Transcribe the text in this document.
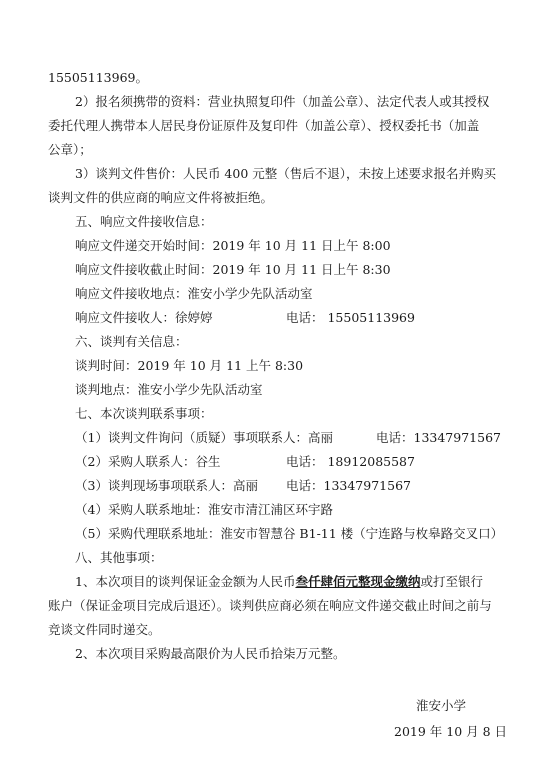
15505113969。
2）报名须携带的资料：营业执照复印件（加盖公章）、法定代表人或其授权
委托代理人携带本人居民身份证原件及复印件（加盖公章）、授权委托书（加盖
公章）；
3）谈判文件售价：人民币 400 元整（售后不退），未按上述要求报名并购买
谈判文件的供应商的响应文件将被拒绝。
五、响应文件接收信息：
响应文件递交开始时间：2019 年 10 月 11 日上午 8:00
响应文件接收截止时间：2019 年 10 月 11 日上午 8:30
响应文件接收地点：淮安小学少先队活动室
响应文件接收人：徐婷婷	电话： 15505113969
六、谈判有关信息：
谈判时间：2019 年 10 月 11 上午 8:30
谈判地点：淮安小学少先队活动室
七、本次谈判联系事项：
（1）谈判文件询问（质疑）事项联系人：高丽	电话：13347971567
（2）采购人联系人：谷生	电话： 18912085587
（3）谈判现场事项联系人：高丽 电话：13347971567
（4）采购人联系地址：淮安市清江浦区环宇路
（5）采购代理联系地址：淮安市智慧谷 B1-11 楼（宁连路与枚皋路交叉口）
八、其他事项：
1、本次项目的谈判保证金金额为人民币叁仟肆佰元整现金缴纳或打至银行
账户（保证金项目完成后退还）。谈判供应商必须在响应文件递交截止时间之前与
竞谈文件同时递交。
2、本次项目采购最高限价为人民币拾柒万元整。
淮安小学
2019 年 10 月 8 日
